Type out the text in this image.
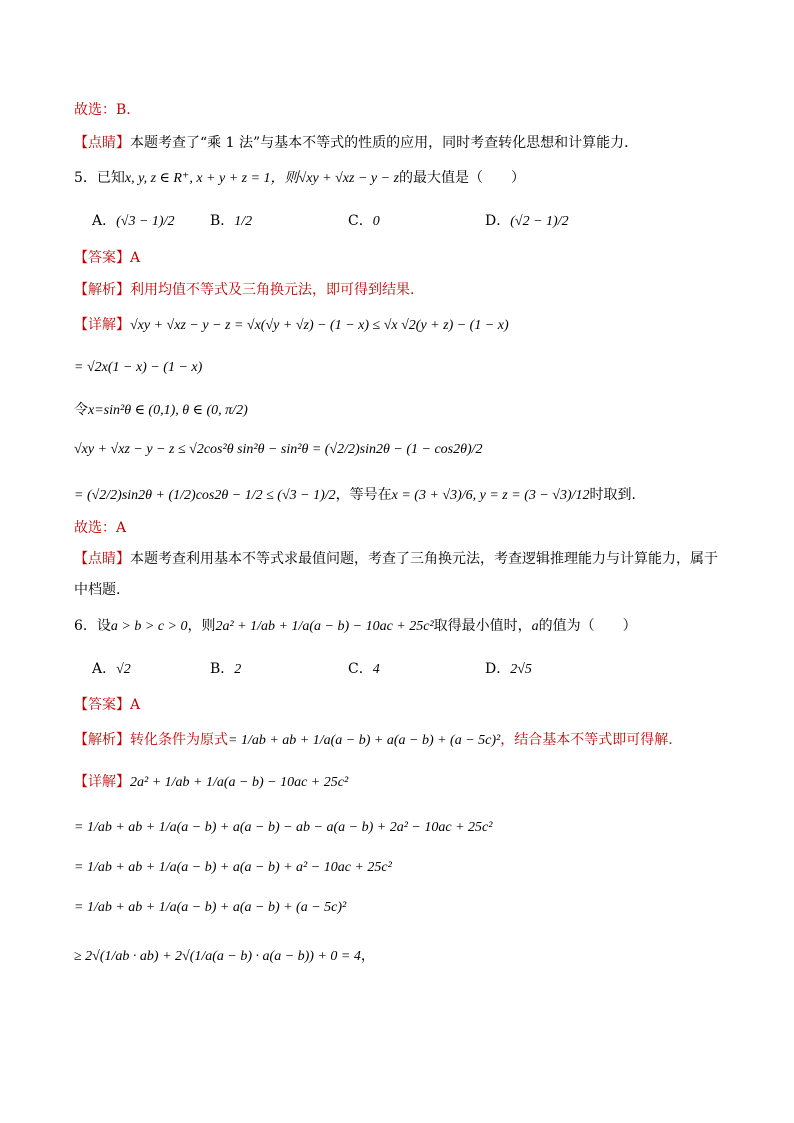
故选：B.
【点睛】本题考查了“乘 1 法”与基本不等式的性质的应用，同时考查转化思想和计算能力．
5．已知x, y, z ∈ R⁺, x + y + z = 1，则√xy + √xz − y − z的最大值是（　　）
A．(√3 − 1)/2	B．1/2	C．0	D．(√2 − 1)/2
【答案】A
【解析】利用均值不等式及三角换元法，即可得到结果.
【详解】√xy + √xz − y − z = √x(√y + √z) − (1 − x) ≤ √x √2(y + z) − (1 − x)
= √2x(1 − x) − (1 − x)
令x=sin²θ ∈ (0,1), θ ∈ (0, π/2)
√xy + √xz − y − z ≤ √2cos²θ sin²θ − sin²θ = (√2/2)sin2θ − (1 − cos2θ)/2
= (√2/2)sin2θ + (1/2)cos2θ − 1/2 ≤ (√3 − 1)/2，等号在x = (3 + √3)/6, y = z = (3 − √3)/12时取到．
故选：A
【点睛】本题考查利用基本不等式求最值问题，考查了三角换元法，考查逻辑推理能力与计算能力，属于
中档题.
6．设a > b > c > 0，则2a² + 1/ab + 1/a(a − b) − 10ac + 25c²取得最小值时，a的值为（　　）
A．√2	B．2	C．4	D．2√5
【答案】A
【解析】转化条件为原式= 1/ab + ab + 1/a(a − b) + a(a − b) + (a − 5c)²，结合基本不等式即可得解.
【详解】2a² + 1/ab + 1/a(a − b) − 10ac + 25c²
= 1/ab + ab + 1/a(a − b) + a(a − b) − ab − a(a − b) + 2a² − 10ac + 25c²
= 1/ab + ab + 1/a(a − b) + a(a − b) + a² − 10ac + 25c²
= 1/ab + ab + 1/a(a − b) + a(a − b) + (a − 5c)²
≥ 2√(1/ab · ab) + 2√(1/a(a − b) · a(a − b)) + 0 = 4，
